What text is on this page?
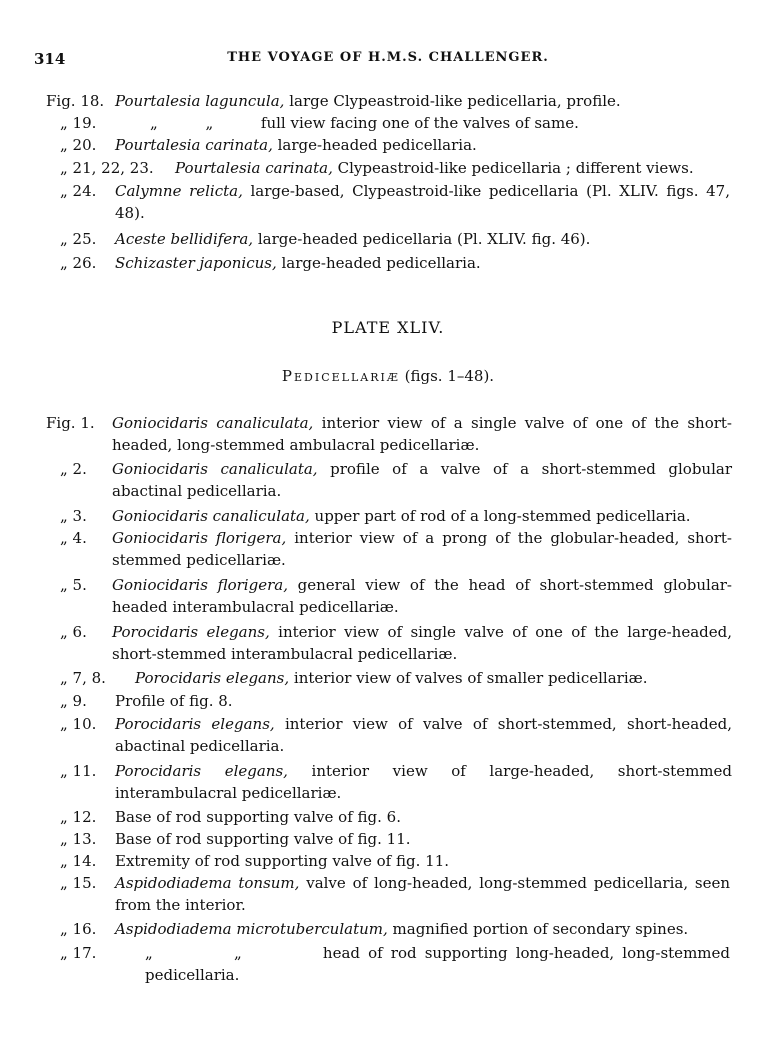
314	THE VOYAGE OF H.M.S. CHALLENGER.
Fig. 18. Pourtalesia laguncula, large Clypeastroid-like pedicellaria, profile.
„ 19.	„          „          full view facing one of the valves of same.
„ 20. Pourtalesia carinata, large-headed pedicellaria.
„ 21, 22, 23. Pourtalesia carinata, Clypeastroid-like pedicellaria ; different views.
„ 24. Calymne relicta, large-based, Clypeastroid-like pedicellaria (Pl. XLIV. figs. 47, 48).
„ 25. Aceste bellidifera, large-headed pedicellaria (Pl. XLIV. fig. 46).
„ 26. Schizaster japonicus, large-headed pedicellaria.
PLATE XLIV.
Pedicellariæ (figs. 1–48).
Fig. 1. Goniocidaris canaliculata, interior view of a single valve of one of the short-headed, long-stemmed ambulacral pedicellariæ.
„ 2. Goniocidaris canaliculata, profile of a valve of a short-stemmed globular abactinal pedicellaria.
„ 3. Goniocidaris canaliculata, upper part of rod of a long-stemmed pedicellaria.
„ 4. Goniocidaris florigera, interior view of a prong of the globular-headed, short-stemmed pedicellariæ.
„ 5. Goniocidaris florigera, general view of the head of short-stemmed globular-headed interambulacral pedicellariæ.
„ 6. Porocidaris elegans, interior view of single valve of one of the large-headed, short-stemmed interambulacral pedicellariæ.
„ 7, 8. Porocidaris elegans, interior view of valves of smaller pedicellariæ.
„ 9. Profile of fig. 8.
„ 10. Porocidaris elegans, interior view of valve of short-stemmed, short-headed, abactinal pedicellaria.
„ 11. Porocidaris elegans, interior view of large-headed, short-stemmed interambulacral pedicellariæ.
„ 12. Base of rod supporting valve of fig. 6.
„ 13. Base of rod supporting valve of fig. 11.
„ 14. Extremity of rod supporting valve of fig. 11.
„ 15. Aspidodiadema tonsum, valve of long-headed, long-stemmed pedicellaria, seen from the interior.
„ 16. Aspidodiadema microtuberculatum, magnified portion of secondary spines.
„ 17.	„          „          head of rod supporting long-headed, long-stemmed pedicellaria.
